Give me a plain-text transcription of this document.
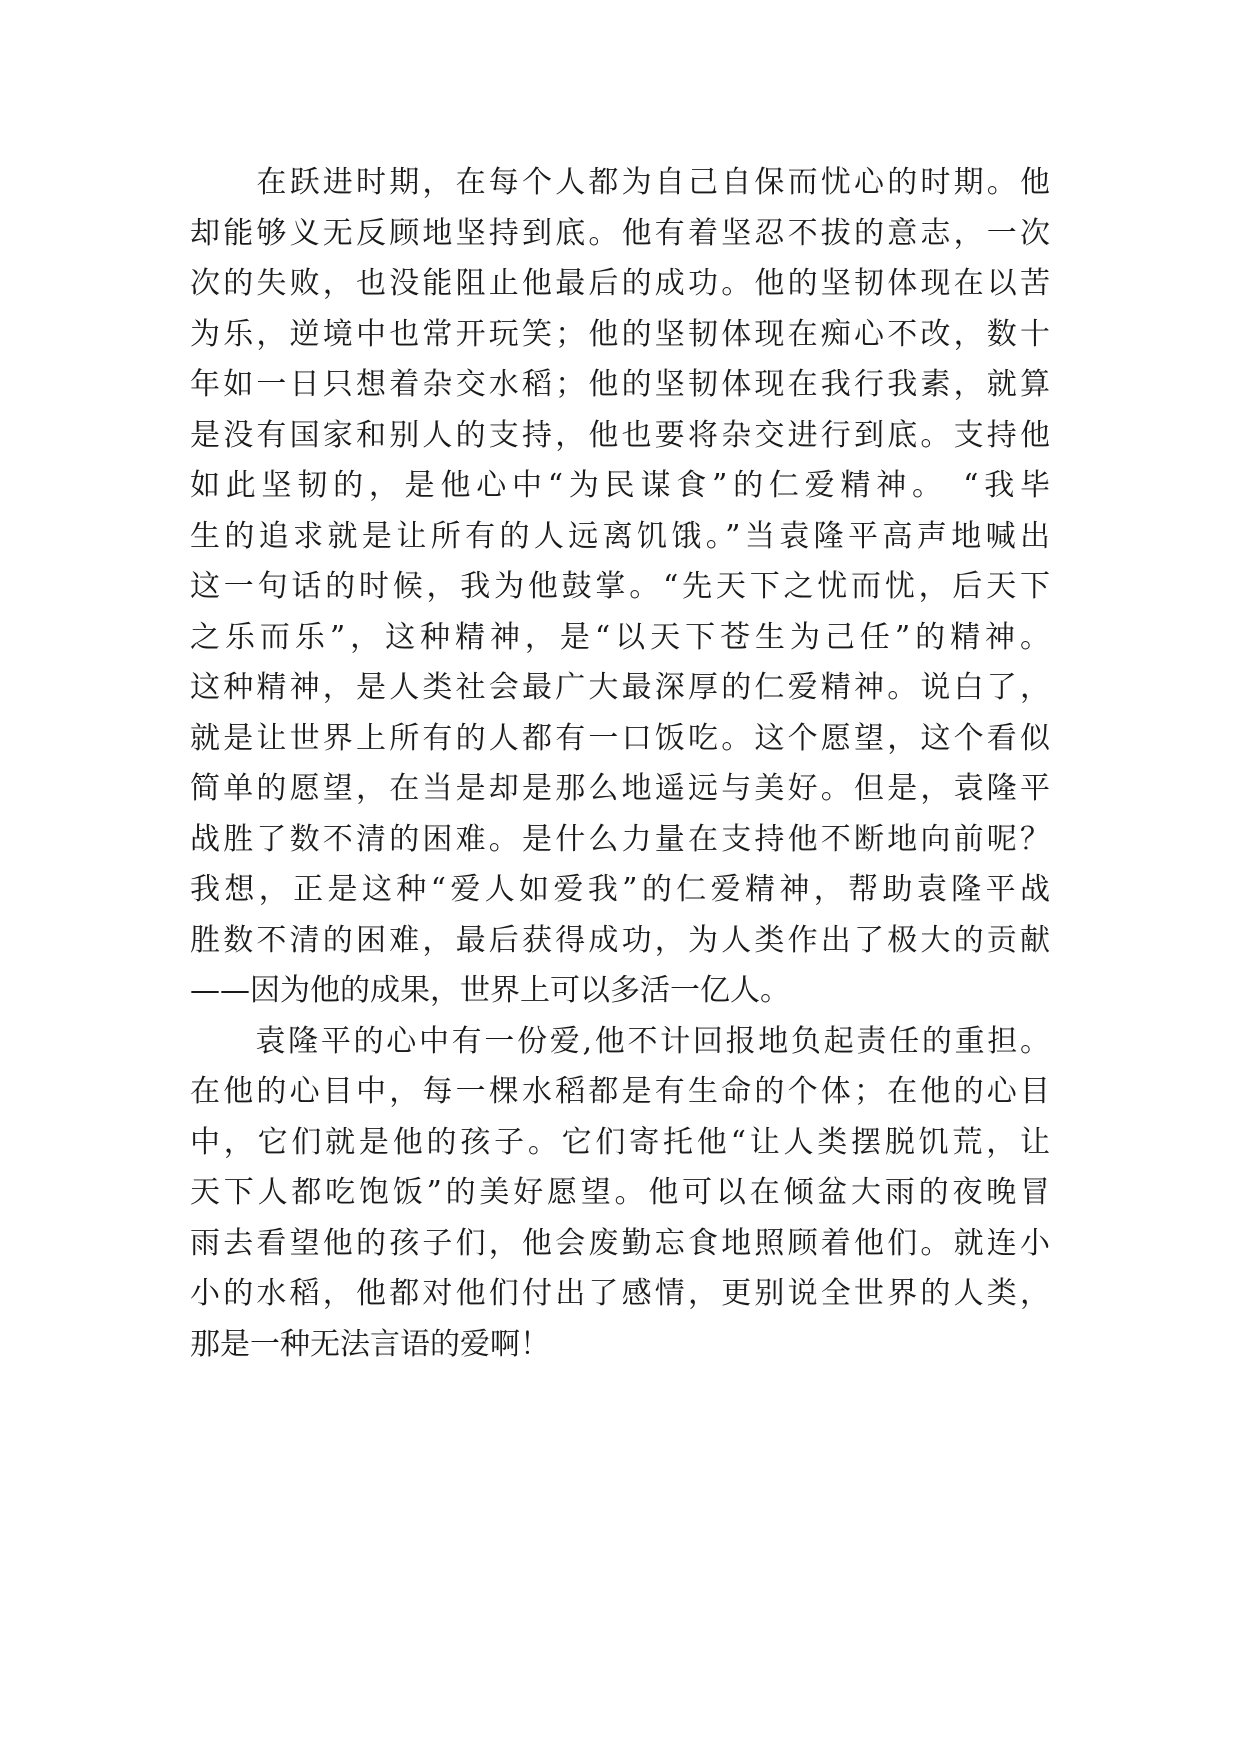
　　在跃进时期，在每个人都为自己自保而忧心的时期。他
却能够义无反顾地坚持到底。他有着坚忍不拔的意志，一次
次的失败，也没能阻止他最后的成功。他的坚韧体现在以苦
为乐，逆境中也常开玩笑；他的坚韧体现在痴心不改，数十
年如一日只想着杂交水稻；他的坚韧体现在我行我素，就算
是没有国家和别人的支持，他也要将杂交进行到底。支持他
如此坚韧的，是他心中“为民谋食”的仁爱精神。 “我毕
生的追求就是让所有的人远离饥饿。”当袁隆平高声地喊出
这一句话的时候，我为他鼓掌。“先天下之忧而忧，后天下
之乐而乐”，这种精神，是“以天下苍生为己任”的精神。
这种精神，是人类社会最广大最深厚的仁爱精神。说白了，
就是让世界上所有的人都有一口饭吃。这个愿望，这个看似
简单的愿望，在当是却是那么地遥远与美好。但是，袁隆平
战胜了数不清的困难。是什么力量在支持他不断地向前呢？
我想，正是这种“爱人如爱我”的仁爱精神，帮助袁隆平战
胜数不清的困难，最后获得成功，为人类作出了极大的贡献
——因为他的成果，世界上可以多活一亿人。
　　袁隆平的心中有一份爱,他不计回报地负起责任的重担。
在他的心目中，每一棵水稻都是有生命的个体；在他的心目
中，它们就是他的孩子。它们寄托他“让人类摆脱饥荒，让
天下人都吃饱饭”的美好愿望。他可以在倾盆大雨的夜晚冒
雨去看望他的孩子们，他会废勤忘食地照顾着他们。就连小
小的水稻，他都对他们付出了感情，更别说全世界的人类，
那是一种无法言语的爱啊！
